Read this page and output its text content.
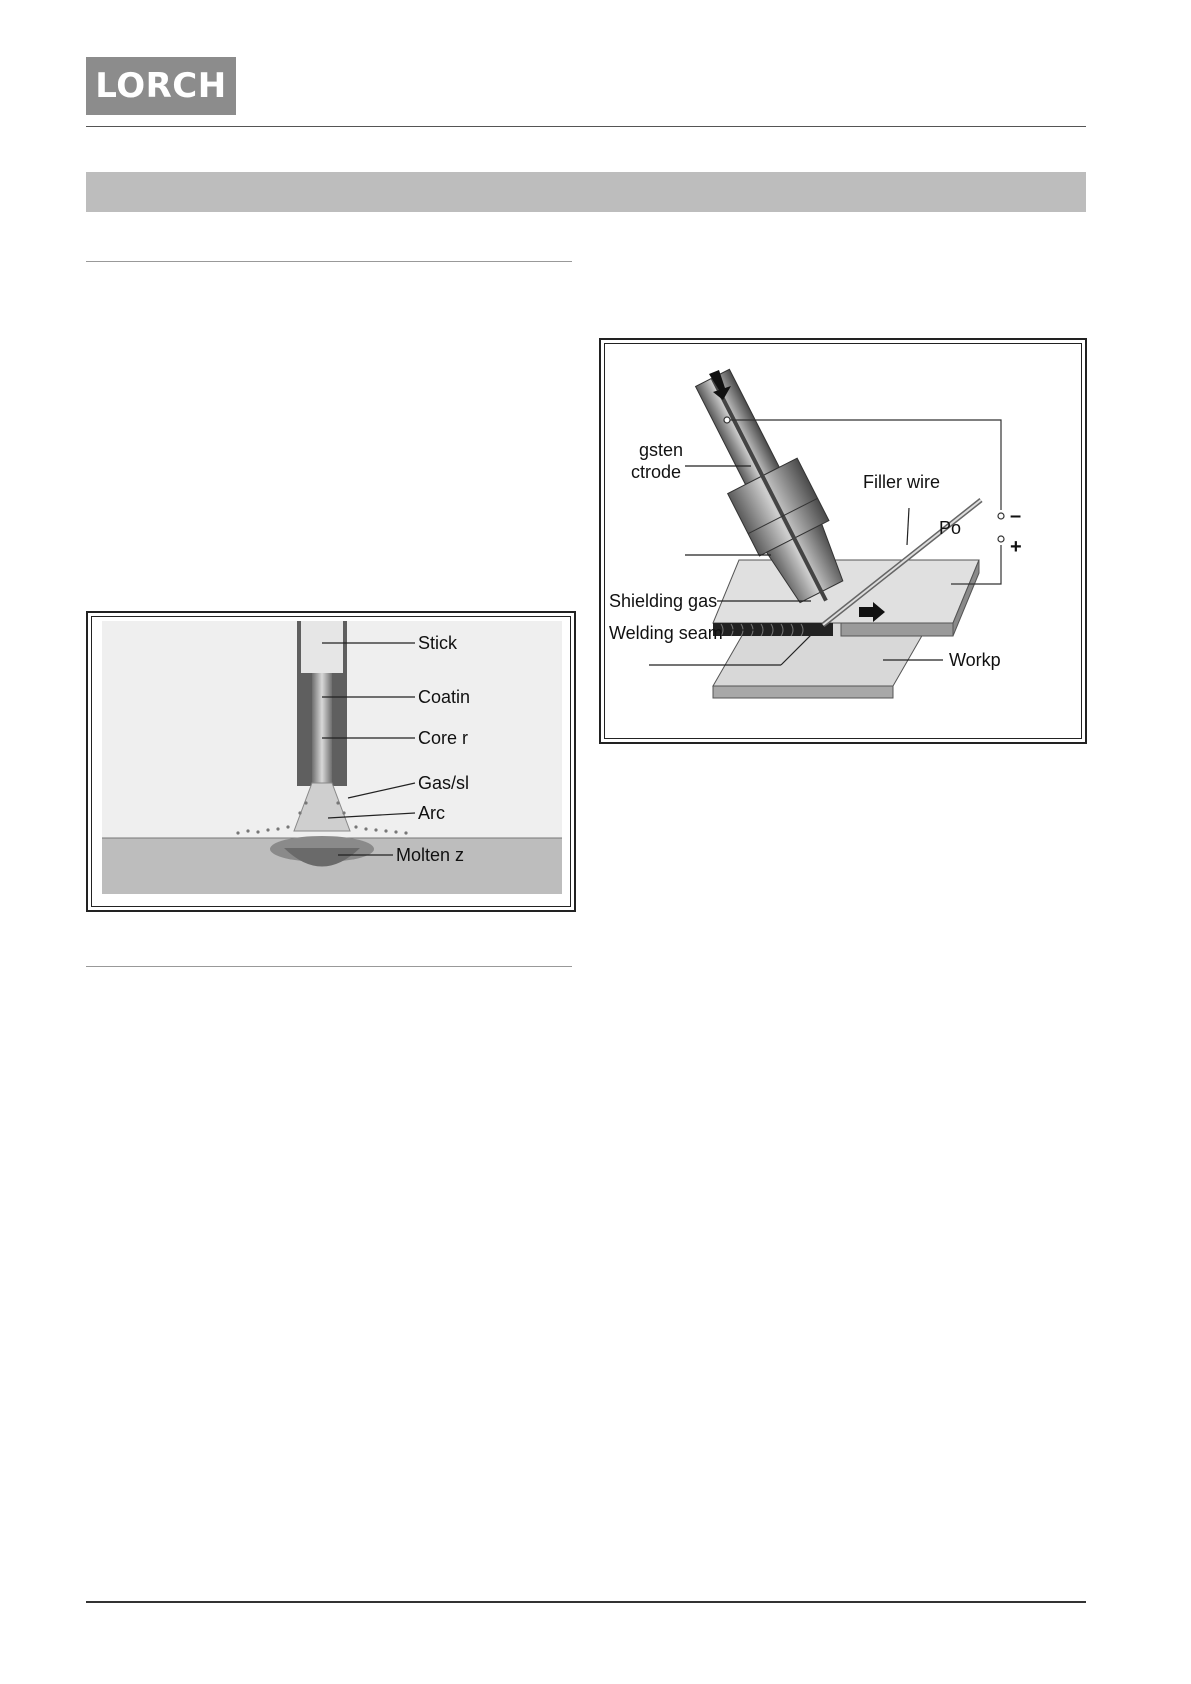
LORCH
Stick
Coatin
Core r
Gas/sl
Arc
Molten z
gsten
ctrode	Filler wire
Po
–
+
Shielding gas
Welding seam
Workp
